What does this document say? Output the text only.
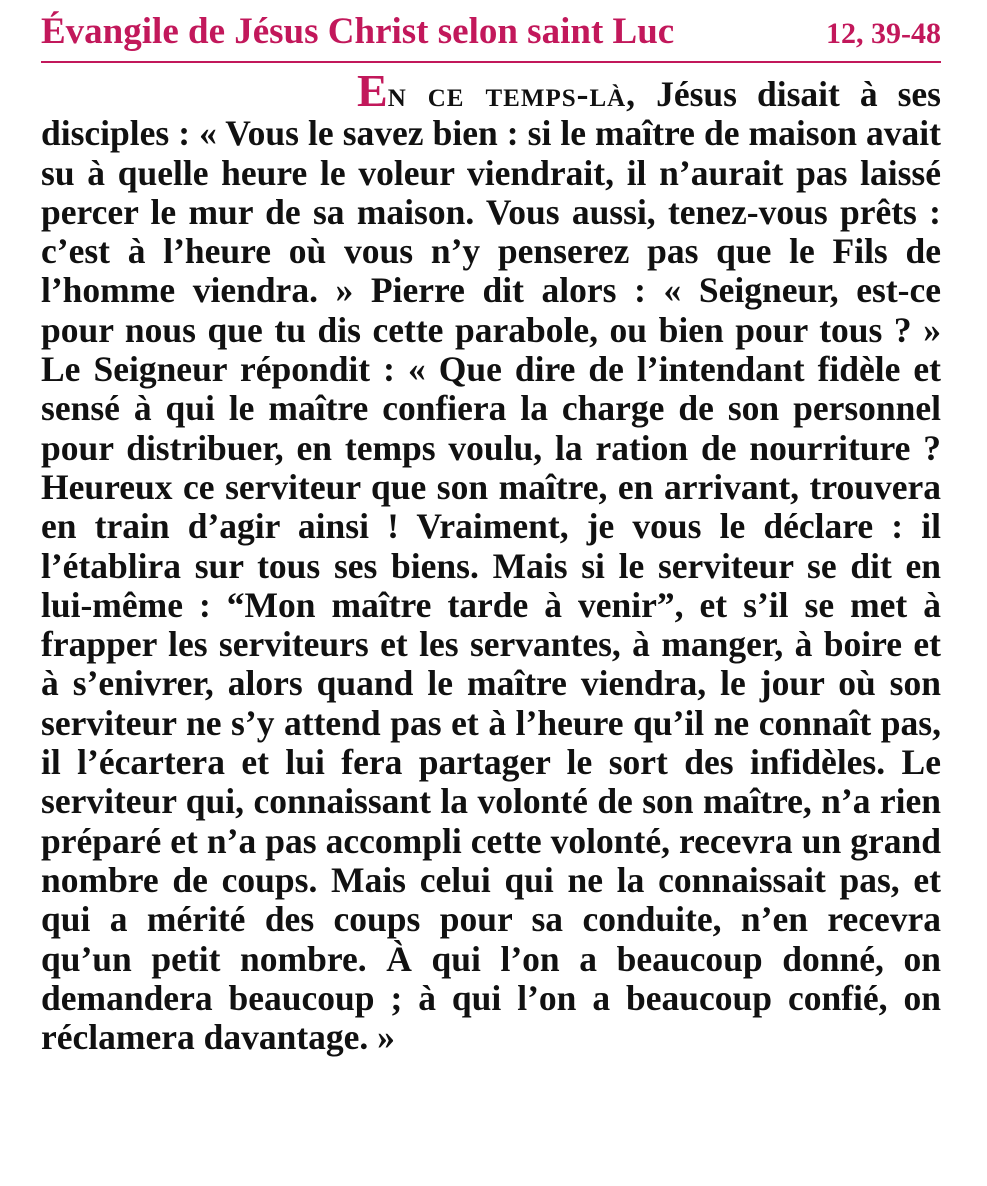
Évangile de Jésus Christ selon saint Luc	12, 39-48

En ce temps-là, Jésus disait à ses disciples : « Vous le savez bien : si le maître de maison avait su à quelle heure le voleur viendrait, il n’aurait pas laissé percer le mur de sa maison. Vous aussi, tenez-vous prêts : c’est à l’heure où vous n’y penserez pas que le Fils de l’homme viendra. » Pierre dit alors : « Seigneur, est-ce pour nous que tu dis cette parabole, ou bien pour tous ? » Le Seigneur répondit : « Que dire de l’intendant fidèle et sensé à qui le maître confiera la charge de son personnel pour distribuer, en temps voulu, la ration de nourriture ? Heureux ce serviteur que son maître, en arrivant, trouvera en train d’agir ainsi ! Vraiment, je vous le déclare : il l’établira sur tous ses biens. Mais si le serviteur se dit en lui-même : “Mon maître tarde à venir”, et s’il se met à frapper les serviteurs et les servantes, à manger, à boire et à s’enivrer, alors quand le maître viendra, le jour où son serviteur ne s’y attend pas et à l’heure qu’il ne connaît pas, il l’écartera et lui fera partager le sort des infidèles. Le serviteur qui, connaissant la volonté de son maître, n’a rien préparé et n’a pas accompli cette volonté, recevra un grand nombre de coups. Mais celui qui ne la connaissait pas, et qui a mérité des coups pour sa conduite, n’en recevra qu’un petit nombre. À qui l’on a beaucoup donné, on demandera beaucoup ; à qui l’on a beaucoup confié, on réclamera davantage. »
